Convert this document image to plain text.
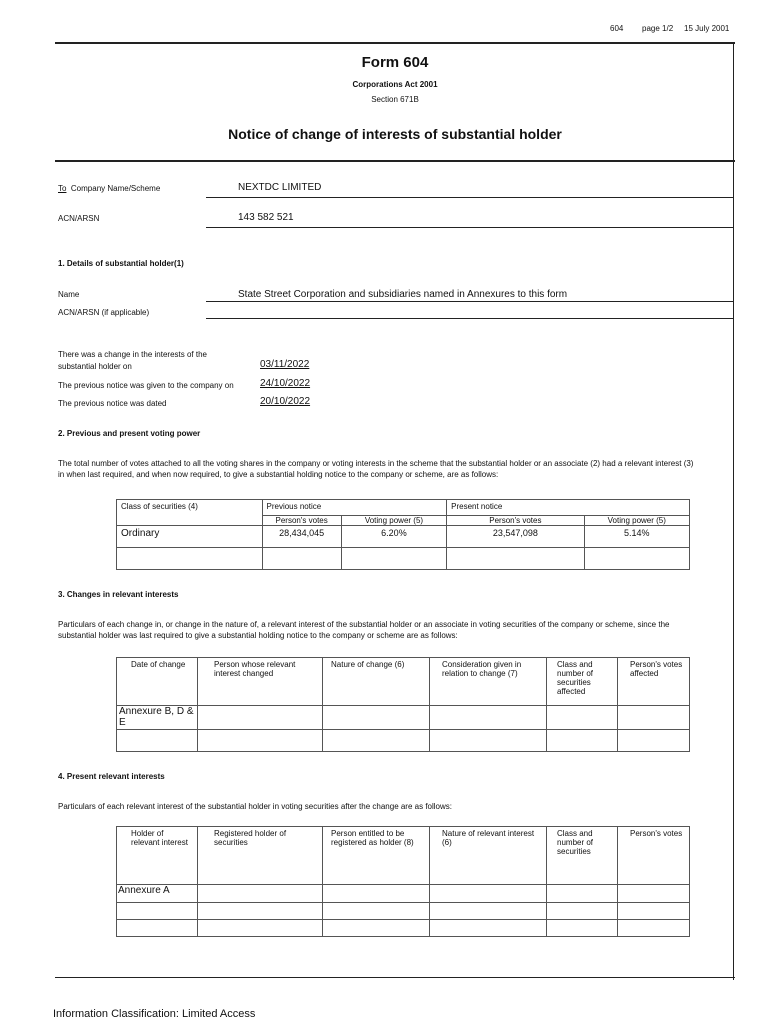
604 page 1/2 15 July 2001
Form 604
Corporations Act 2001
Section 671B
Notice of change of interests of substantial holder
To Company Name/Scheme	NEXTDC LIMITED
ACN/ARSN	143 582 521
1. Details of substantial holder(1)
Name	State Street Corporation and subsidiaries named in Annexures to this form
ACN/ARSN (if applicable)
There was a change in the interests of the
substantial holder on	03/11/2022
The previous notice was given to the company on	24/10/2022
The previous notice was dated	20/10/2022
2. Previous and present voting power
The total number of votes attached to all the voting shares in the company or voting interests in the scheme that the substantial holder or an associate (2) had a relevant interest (3) in when last required, and when now required, to give a substantial holding notice to the company or scheme, are as follows:
Class of securities (4)	Previous notice		Present notice	
	Person's votes	Voting power (5)	Person's votes	Voting power (5)
Ordinary	28,434,045	6.20%	23,547,098	5.14%

3. Changes in relevant interests
Particulars of each change in, or change in the nature of, a relevant interest of the substantial holder or an associate in voting securities of the company or scheme, since the substantial holder was last required to give a substantial holding notice to the company or scheme are as follows:
Date of change	Person whose relevant interest changed	Nature of change (6)	Consideration given in relation to change (7)	Class and number of securities affected	Person's votes affected
Annexure B, D & E					

4. Present relevant interests
Particulars of each relevant interest of the substantial holder in voting securities after the change are as follows:
Holder of relevant interest	Registered holder of securities	Person entitled to be registered as holder (8)	Nature of relevant interest (6)	Class and number of securities	Person's votes
Annexure A					

Information Classification: Limited Access
